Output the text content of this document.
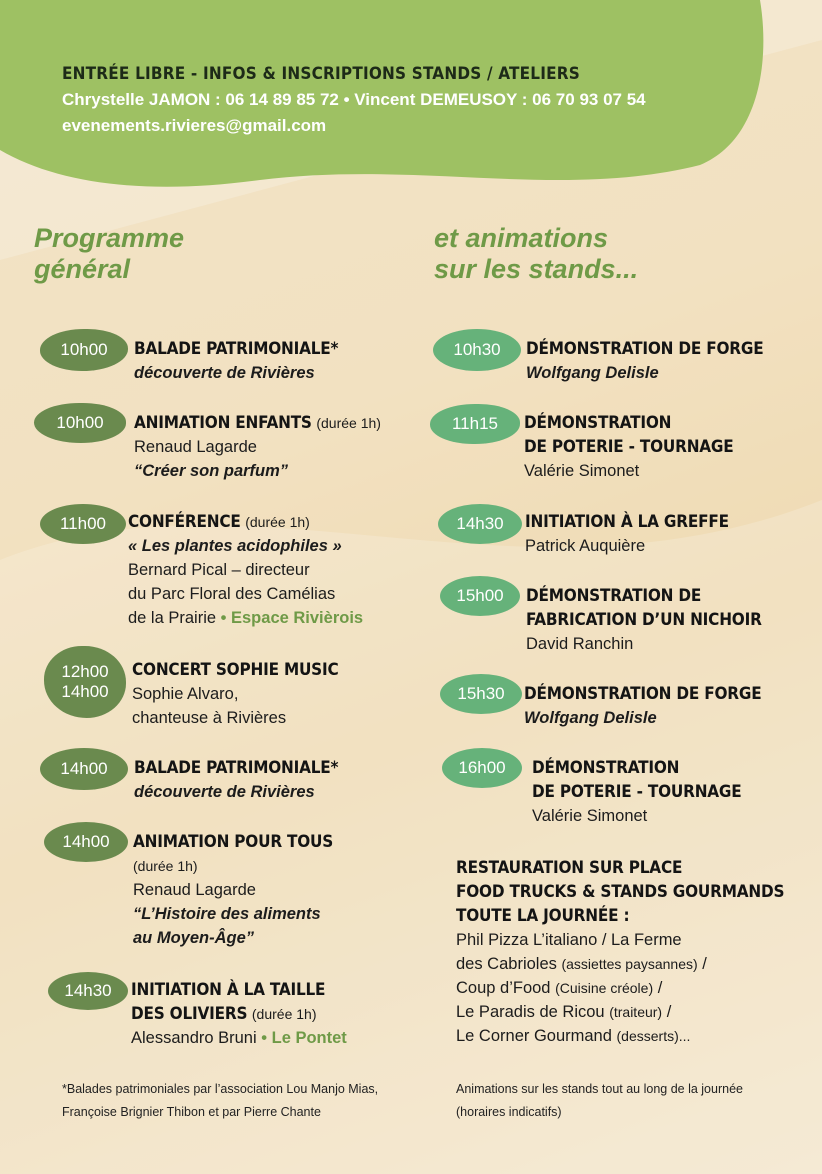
ENTRÉE LIBRE - INFOS & INSCRIPTIONS STANDS / ATELIERS
Chrystelle JAMON : 06 14 89 85 72 • Vincent DEMEUSOY : 06 70 93 07 54
evenements.rivieres@gmail.com
Programme
général
et animations
sur les stands...
10h00 BALADE PATRIMONIALE*
découverte de Rivières
10h00 ANIMATION ENFANTS (durée 1h)
Renaud Lagarde
“Créer son parfum”
11h00 CONFÉRENCE (durée 1h)
« Les plantes acidophiles »
Bernard Pical – directeur
du Parc Floral des Camélias
de la Prairie • Espace Rivièrois
12h00
14h00
CONCERT SOPHIE MUSIC
Sophie Alvaro,
chanteuse à Rivières
14h00 BALADE PATRIMONIALE*
découverte de Rivières
14h00 ANIMATION POUR TOUS
(durée 1h)
Renaud Lagarde
“L’Histoire des aliments
au Moyen-Âge”
14h30 INITIATION À LA TAILLE
DES OLIVIERS (durée 1h)
Alessandro Bruni • Le Pontet
*Balades patrimoniales par l’association Lou Manjo Mias,
Françoise Brignier Thibon et par Pierre Chante
10h30 DÉMONSTRATION DE FORGE
Wolfgang Delisle
11h15 DÉMONSTRATION
DE POTERIE - TOURNAGE
Valérie Simonet
14h30 INITIATION À LA GREFFE
Patrick Auquière
15h00 DÉMONSTRATION DE
FABRICATION D’UN NICHOIR
David Ranchin
15h30 DÉMONSTRATION DE FORGE
Wolfgang Delisle
16h00 DÉMONSTRATION
DE POTERIE - TOURNAGE
Valérie Simonet
RESTAURATION SUR PLACE
FOOD TRUCKS & STANDS GOURMANDS
TOUTE LA JOURNÉE :
Phil Pizza L’italiano / La Ferme
des Cabrioles (assiettes paysannes) /
Coup d’Food (Cuisine créole) /
Le Paradis de Ricou (traiteur) /
Le Corner Gourmand (desserts)...
Animations sur les stands tout au long de la journée
(horaires indicatifs)
